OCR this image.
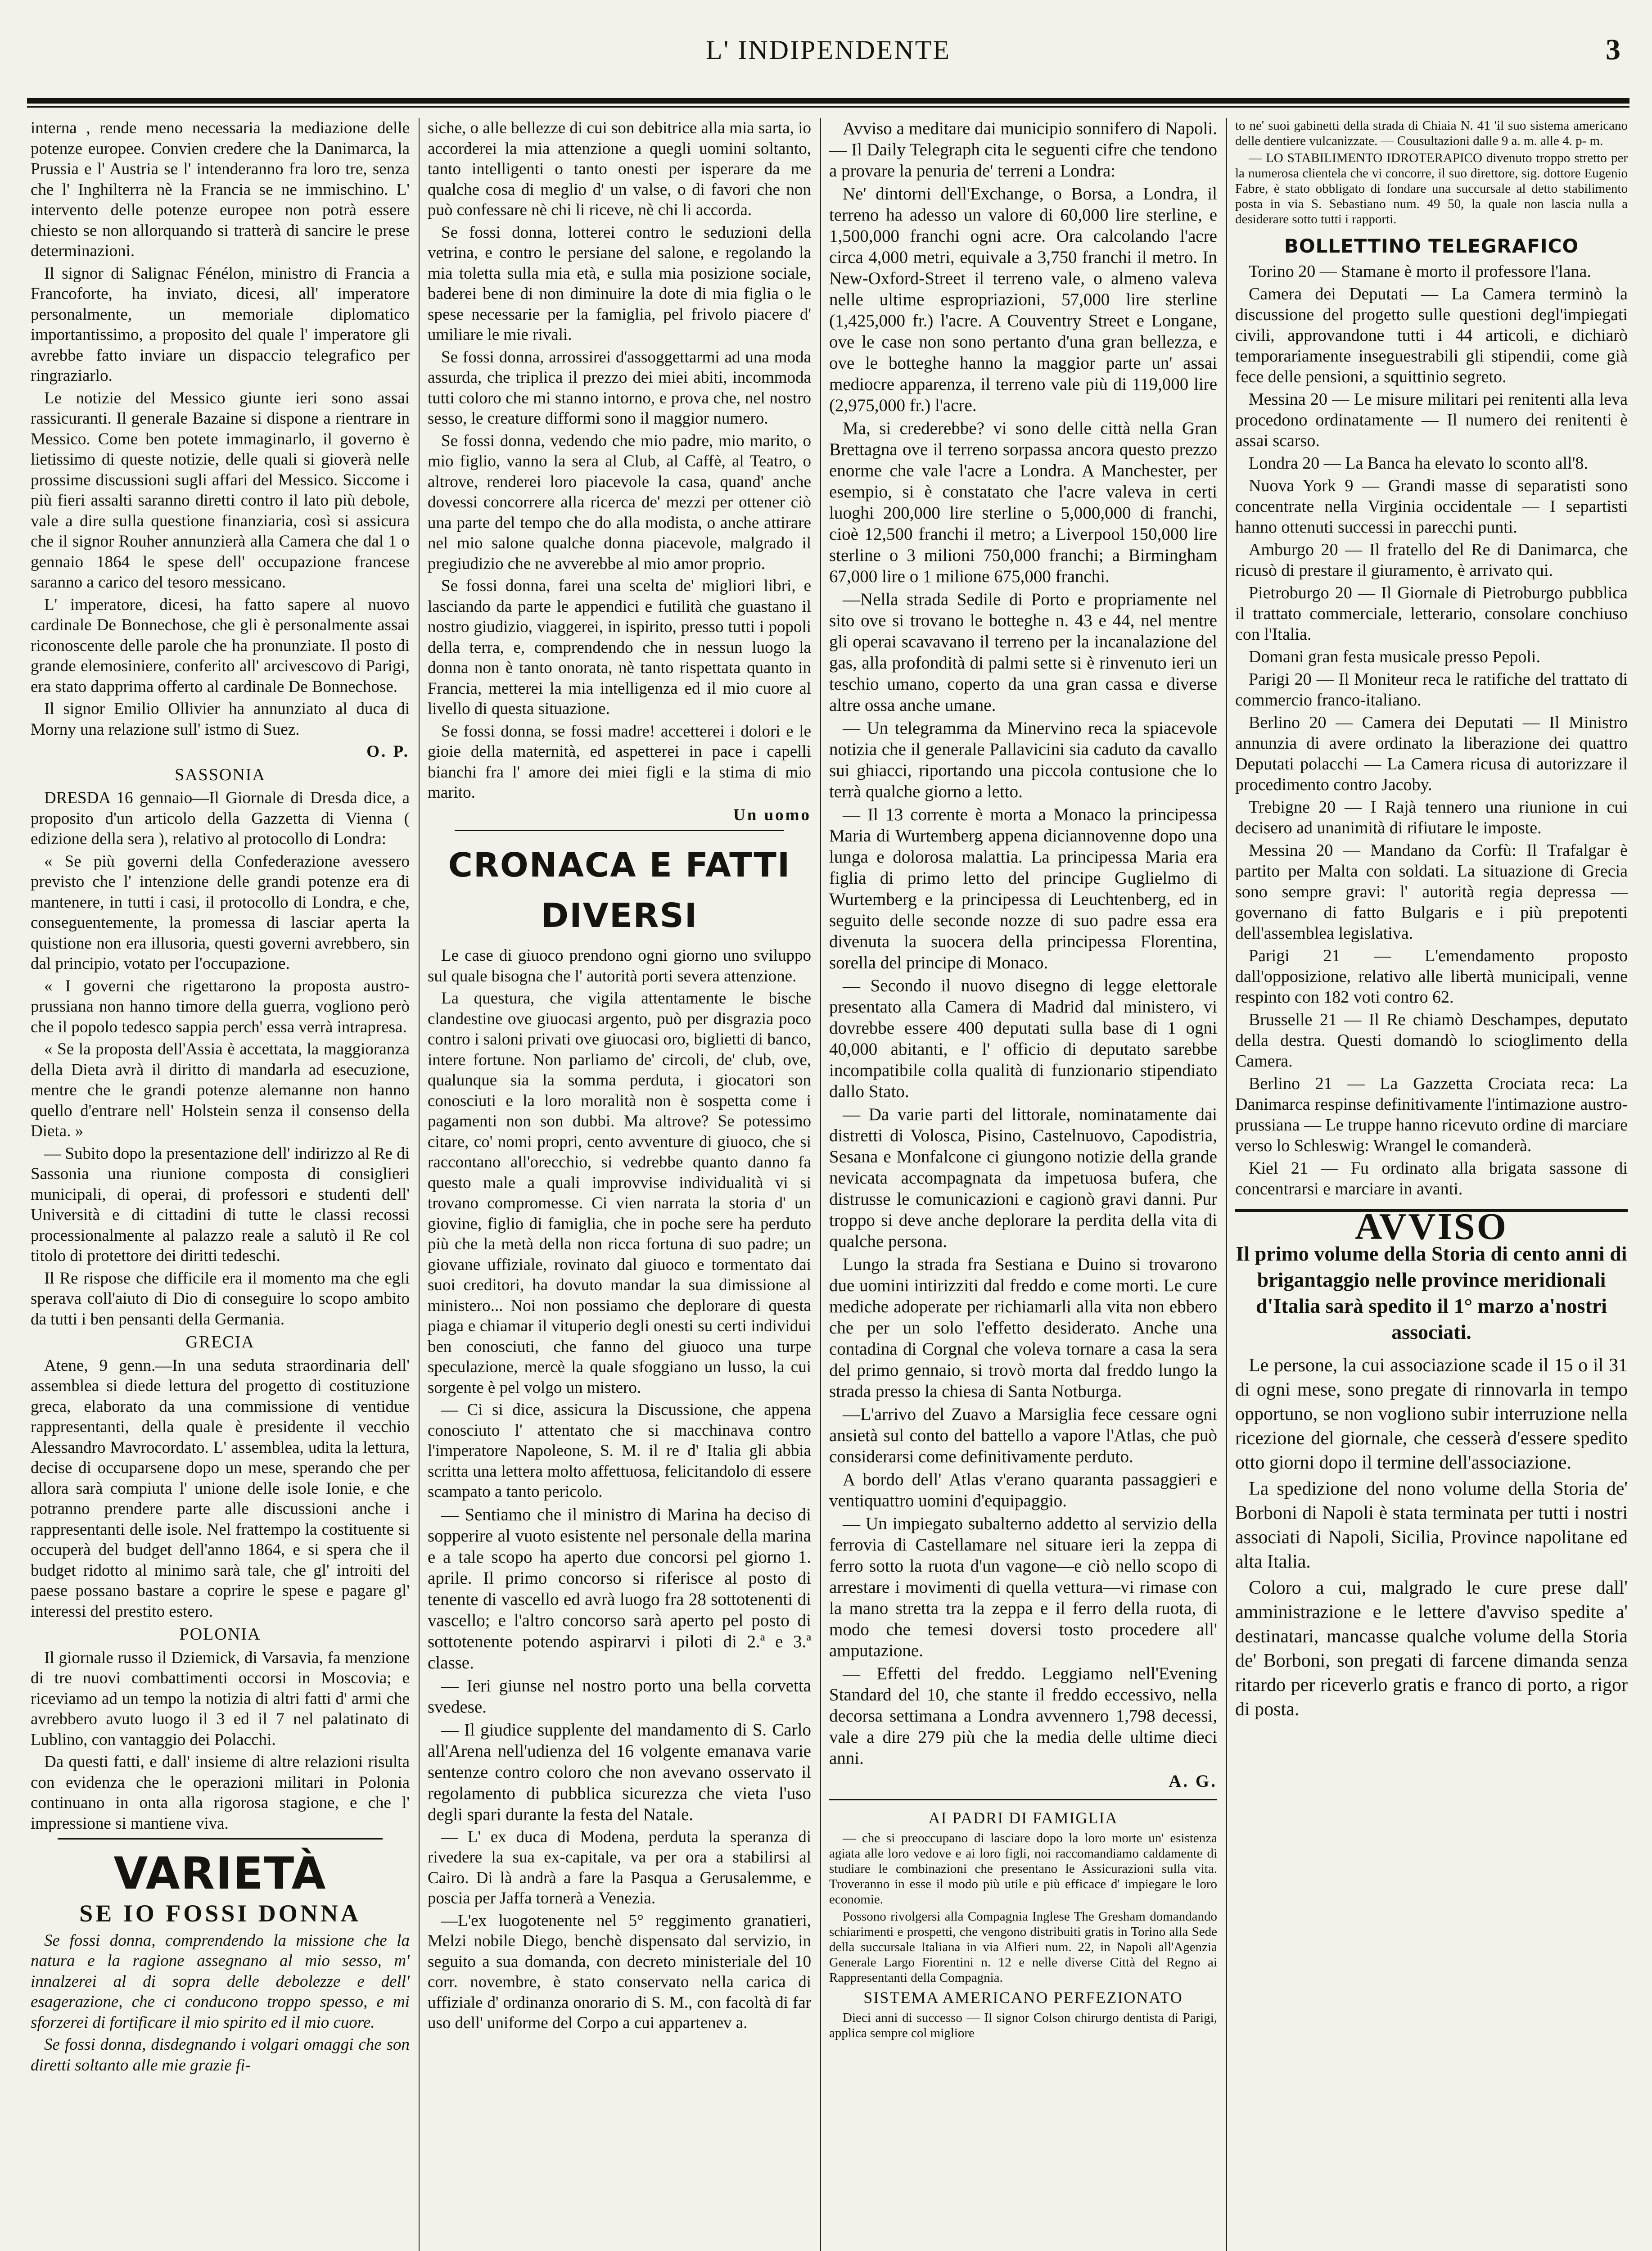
L' INDIPENDENTE	3

interna , rende meno necessaria la mediazione delle potenze europee. Convien credere che la Danimarca, la Prussia e l' Austria se l' intenderanno fra loro tre, senza che l' Inghilterra nè la Francia se ne immischino. L' intervento delle potenze europee non potrà essere chiesto se non allorquando si tratterà di sancire le prese determinazioni.

Il signor di Salignac Fénélon, ministro di Francia a Francoforte, ha inviato, dicesi, all' imperatore personalmente, un memoriale diplomatico importantissimo, a proposito del quale l' imperatore gli avrebbe fatto inviare un dispaccio telegrafico per ringraziarlo.

Le notizie del Messico giunte ieri sono assai rassicuranti. Il generale Bazaine si dispone a rientrare in Messico. Come ben potete immaginarlo, il governo è lietissimo di queste notizie, delle quali si gioverà nelle prossime discussioni sugli affari del Messico. Siccome i più fieri assalti saranno diretti contro il lato più debole, vale a dire sulla questione finanziaria, così si assicura che il signor Rouher annunzierà alla Camera che dal 1 o gennaio 1864 le spese dell' occupazione francese saranno a carico del tesoro messicano.

L' imperatore, dicesi, ha fatto sapere al nuovo cardinale De Bonnechose, che gli è personalmente assai riconoscente delle parole che ha pronunziate. Il posto di grande elemosiniere, conferito all' arcivescovo di Parigi, era stato dapprima offerto al cardinale De Bonnechose.

Il signor Emilio Ollivier ha annunziato al duca di Morny una relazione sull' istmo di Suez.

O. P.
SASSONIA

DRESDA 16 gennaio—Il Giornale di Dresda dice, a proposito d'un articolo della Gazzetta di Vienna ( edizione della sera ), relativo al protocollo di Londra:

« Se più governi della Confederazione avessero previsto che l' intenzione delle grandi potenze era di mantenere, in tutti i casi, il protocollo di Londra, e che, conseguentemente, la promessa di lasciar aperta la quistione non era illusoria, questi governi avrebbero, sin dal principio, votato per l'occupazione.

« I governi che rigettarono la proposta austro-prussiana non hanno timore della guerra, vogliono però che il popolo tedesco sappia perch' essa verrà intrapresa.

« Se la proposta dell'Assia è accettata, la maggioranza della Dieta avrà il diritto di mandarla ad esecuzione, mentre che le grandi potenze alemanne non hanno quello d'entrare nell' Holstein senza il consenso della Dieta. »

— Subito dopo la presentazione dell' indirizzo al Re di Sassonia una riunione composta di consiglieri municipali, di operai, di professori e studenti dell' Università e di cittadini di tutte le classi recossi processionalmente al palazzo reale a salutò il Re col titolo di protettore dei diritti tedeschi.

Il Re rispose che difficile era il momento ma che egli sperava coll'aiuto di Dio di conseguire lo scopo ambito da tutti i ben pensanti della Germania.

GRECIA

Atene, 9 genn.—In una seduta straordinaria dell' assemblea si diede lettura del progetto di costituzione greca, elaborato da una commissione di ventidue rappresentanti, della quale è presidente il vecchio Alessandro Mavrocordato. L' assemblea, udita la lettura, decise di occuparsene dopo un mese, sperando che per allora sarà compiuta l' unione delle isole Ionie, e che potranno prendere parte alle discussioni anche i rappresentanti delle isole. Nel frattempo la costituente si occuperà del budget dell'anno 1864, e si spera che il budget ridotto al minimo sarà tale, che gl' introiti del paese possano bastare a coprire le spese e pagare gl' interessi del prestito estero.

POLONIA

Il giornale russo il Dziemick, di Varsavia, fa menzione di tre nuovi combattimenti occorsi in Moscovia; e riceviamo ad un tempo la notizia di altri fatti d' armi che avrebbero avuto luogo il 3 ed il 7 nel palatinato di Lublino, con vantaggio dei Polacchi.

Da questi fatti, e dall' insieme di altre relazioni risulta con evidenza che le operazioni militari in Polonia continuano in onta alla rigorosa stagione, e che l' impressione si mantiene viva.

VARIETÀ
SE IO FOSSI DONNA

Se fossi donna, comprendendo la missione che la natura e la ragione assegnano al mio sesso, m' innalzerei al di sopra delle debolezze e dell' esagerazione, che ci conducono troppo spesso, e mi sforzerei di fortificare il mio spirito ed il mio cuore.

Se fossi donna, disdegnando i volgari omaggi che son diretti soltanto alle mie grazie fi-

siche, o alle bellezze di cui son debitrice alla mia sarta, io accorderei la mia attenzione a quegli uomini soltanto, tanto intelligenti o tanto onesti per isperare da me qualche cosa di meglio d' un valse, o di favori che non può confessare nè chi li riceve, nè chi li accorda.

Se fossi donna, lotterei contro le seduzioni della vetrina, e contro le persiane del salone, e regolando la mia toletta sulla mia età, e sulla mia posizione sociale, baderei bene di non diminuire la dote di mia figlia o le spese necessarie per la famiglia, pel frivolo piacere d' umiliare le mie rivali.

Se fossi donna, arrossirei d'assoggettarmi ad una moda assurda, che triplica il prezzo dei miei abiti, incommoda tutti coloro che mi stanno intorno, e prova che, nel nostro sesso, le creature difformi sono il maggior numero.

Se fossi donna, vedendo che mio padre, mio marito, o mio figlio, vanno la sera al Club, al Caffè, al Teatro, o altrove, renderei loro piacevole la casa, quand' anche dovessi concorrere alla ricerca de' mezzi per ottener ciò una parte del tempo che do alla modista, o anche attirare nel mio salone qualche donna piacevole, malgrado il pregiudizio che ne avverebbe al mio amor proprio.

Se fossi donna, farei una scelta de' migliori libri, e lasciando da parte le appendici e futilità che guastano il nostro giudizio, viaggerei, in ispirito, presso tutti i popoli della terra, e, comprendendo che in nessun luogo la donna non è tanto onorata, nè tanto rispettata quanto in Francia, metterei la mia intelligenza ed il mio cuore al livello di questa situazione.

Se fossi donna, se fossi madre! accetterei i dolori e le gioie della maternità, ed aspetterei in pace i capelli bianchi fra l' amore dei miei figli e la stima di mio marito.

Un uomo
CRONACA E FATTI DIVERSI

Le case di giuoco prendono ogni giorno uno sviluppo sul quale bisogna che l' autorità porti severa attenzione.

La questura, che vigila attentamente le bische clandestine ove giuocasi argento, può per disgrazia poco contro i saloni privati ove giuocasi oro, biglietti di banco, intere fortune. Non parliamo de' circoli, de' club, ove, qualunque sia la somma perduta, i giocatori son conosciuti e la loro moralità non è sospetta come i pagamenti non son dubbi. Ma altrove? Se potessimo citare, co' nomi propri, cento avventure di giuoco, che si raccontano all'orecchio, si vedrebbe quanto danno fa questo male a quali improvvise individualità vi si trovano compromesse. Ci vien narrata la storia d' un giovine, figlio di famiglia, che in poche sere ha perduto più che la metà della non ricca fortuna di suo padre; un giovane uffiziale, rovinato dal giuoco e tormentato dai suoi creditori, ha dovuto mandar la sua dimissione al ministero... Noi non possiamo che deplorare di questa piaga e chiamar il vituperio degli onesti su certi individui ben conosciuti, che fanno del giuoco una turpe speculazione, mercè la quale sfoggiano un lusso, la cui sorgente è pel volgo un mistero.

— Ci si dice, assicura la Discussione, che appena conosciuto l' attentato che si macchinava contro l'imperatore Napoleone, S. M. il re d' Italia gli abbia scritta una lettera molto affettuosa, felicitandolo di essere scampato a tanto pericolo.

— Sentiamo che il ministro di Marina ha deciso di sopperire al vuoto esistente nel personale della marina e a tale scopo ha aperto due concorsi pel giorno 1. aprile. Il primo concorso si riferisce al posto di tenente di vascello ed avrà luogo fra 28 sottotenenti di vascello; e l'altro concorso sarà aperto pel posto di sottotenente potendo aspirarvi i piloti di 2.ª e 3.ª classe.

— Ieri giunse nel nostro porto una bella corvetta svedese.

— Il giudice supplente del mandamento di S. Carlo all'Arena nell'udienza del 16 volgente emanava varie sentenze contro coloro che non avevano osservato il regolamento di pubblica sicurezza che vieta l'uso degli spari durante la festa del Natale.

— L' ex duca di Modena, perduta la speranza di rivedere la sua ex-capitale, va per ora a stabilirsi al Cairo. Di là andrà a fare la Pasqua a Gerusalemme, e poscia per Jaffa tornerà a Venezia.

—L'ex luogotenente nel 5° reggimento granatieri, Melzi nobile Diego, benchè dispensato dal servizio, in seguito a sua domanda, con decreto ministeriale del 10 corr. novembre, è stato conservato nella carica di uffiziale d' ordinanza onorario di S. M., con facoltà di far uso dell' uniforme del Corpo a cui appartenev a.

Avviso a meditare dai municipio sonnifero di Napoli. — Il Daily Telegraph cita le seguenti cifre che tendono a provare la penuria de' terreni a Londra:

Ne' dintorni dell'Exchange, o Borsa, a Londra, il terreno ha adesso un valore di 60,000 lire sterline, e 1,500,000 franchi ogni acre. Ora calcolando l'acre circa 4,000 metri, equivale a 3,750 franchi il metro. In New-Oxford-Street il terreno vale, o almeno valeva nelle ultime espropriazioni, 57,000 lire sterline (1,425,000 fr.) l'acre. A Couventry Street e Longane, ove le case non sono pertanto d'una gran bellezza, e ove le botteghe hanno la maggior parte un' assai mediocre apparenza, il terreno vale più di 119,000 lire (2,975,000 fr.) l'acre.

Ma, si crederebbe? vi sono delle città nella Gran Brettagna ove il terreno sorpassa ancora questo prezzo enorme che vale l'acre a Londra. A Manchester, per esempio, si è constatato che l'acre valeva in certi luoghi 200,000 lire sterline o 5,000,000 di franchi, cioè 12,500 franchi il metro; a Liverpool 150,000 lire sterline o 3 milioni 750,000 franchi; a Birmingham 67,000 lire o 1 milione 675,000 franchi.

—Nella strada Sedile di Porto e propriamente nel sito ove si trovano le botteghe n. 43 e 44, nel mentre gli operai scavavano il terreno per la incanalazione del gas, alla profondità di palmi sette si è rinvenuto ieri un teschio umano, coperto da una gran cassa e diverse altre ossa anche umane.

— Un telegramma da Minervino reca la spiacevole notizia che il generale Pallavicini sia caduto da cavallo sui ghiacci, riportando una piccola contusione che lo terrà qualche giorno a letto.

— Il 13 corrente è morta a Monaco la principessa Maria di Wurtemberg appena diciannovenne dopo una lunga e dolorosa malattia. La principessa Maria era figlia di primo letto del principe Guglielmo di Wurtemberg e la principessa di Leuchtenberg, ed in seguito delle seconde nozze di suo padre essa era divenuta la suocera della principessa Florentina, sorella del principe di Monaco.

— Secondo il nuovo disegno di legge elettorale presentato alla Camera di Madrid dal ministero, vi dovrebbe essere 400 deputati sulla base di 1 ogni 40,000 abitanti, e l' officio di deputato sarebbe incompatibile colla qualità di funzionario stipendiato dallo Stato.

— Da varie parti del littorale, nominatamente dai distretti di Volosca, Pisino, Castelnuovo, Capodistria, Sesana e Monfalcone ci giungono notizie della grande nevicata accompagnata da impetuosa bufera, che distrusse le comunicazioni e cagionò gravi danni. Pur troppo si deve anche deplorare la perdita della vita di qualche persona.

Lungo la strada fra Sestiana e Duino si trovarono due uomini intirizziti dal freddo e come morti. Le cure mediche adoperate per richiamarli alla vita non ebbero che per un solo l'effetto desiderato. Anche una contadina di Corgnal che voleva tornare a casa la sera del primo gennaio, si trovò morta dal freddo lungo la strada presso la chiesa di Santa Notburga.

—L'arrivo del Zuavo a Marsiglia fece cessare ogni ansietà sul conto del battello a vapore l'Atlas, che può considerarsi come definitivamente perduto.

A bordo dell' Atlas v'erano quaranta passaggieri e ventiquattro uomini d'equipaggio.

— Un impiegato subalterno addetto al servizio della ferrovia di Castellamare nel situare ieri la zeppa di ferro sotto la ruota d'un vagone—e ciò nello scopo di arrestare i movimenti di quella vettura—vi rimase con la mano stretta tra la zeppa e il ferro della ruota, di modo che temesi doversi tosto procedere all' amputazione.

— Effetti del freddo. Leggiamo nell'Evening Standard del 10, che stante il freddo eccessivo, nella decorsa settimana a Londra avvennero 1,798 decessi, vale a dire 279 più che la media delle ultime dieci anni.

A. G.
AI PADRI DI FAMIGLIA

— che si preoccupano di lasciare dopo la loro morte un' esistenza agiata alle loro vedove e ai loro figli, noi raccomandiamo caldamente di studiare le combinazioni che presentano le Assicurazioni sulla vita. Troveranno in esse il modo più utile e più efficace d' impiegare le loro economie.

Possono rivolgersi alla Compagnia Inglese The Gresham domandando schiarimenti e prospetti, che vengono distribuiti gratis in Torino alla Sede della succursale Italiana in via Alfieri num. 22, in Napoli all'Agenzia Generale Largo Fiorentini n. 12 e nelle diverse Città del Regno ai Rappresentanti della Compagnia.

SISTEMA AMERICANO PERFEZIONATO

Dieci anni di successo — Il signor Colson chirurgo dentista di Parigi, applica sempre col migliore

to ne' suoi gabinetti della strada di Chiaia N. 41 'il suo sistema americano delle dentiere vulcanizzate. — Cousultazioni dalle 9 a. m. alle 4. p- m.

— LO STABILIMENTO IDROTERAPICO divenuto troppo stretto per la numerosa clientela che vi concorre, il suo direttore, sig. dottore Eugenio Fabre, è stato obbligato di fondare una succursale al detto stabilimento posta in via S. Sebastiano num. 49 50, la quale non lascia nulla a desiderare sotto tutti i rapporti.

BOLLETTINO TELEGRAFICO

Torino 20 — Stamane è morto il professore l'lana.

Camera dei Deputati — La Camera terminò la discussione del progetto sulle questioni degl'impiegati civili, approvandone tutti i 44 articoli, e dichiarò temporariamente inseguestrabili gli stipendii, come già fece delle pensioni, a squittinio segreto.

Messina 20 — Le misure militari pei renitenti alla leva procedono ordinatamente — Il numero dei renitenti è assai scarso.

Londra 20 — La Banca ha elevato lo sconto all'8.

Nuova York 9 — Grandi masse di separatisti sono concentrate nella Virginia occidentale — I separtisti hanno ottenuti successi in parecchi punti.

Amburgo 20 — Il fratello del Re di Danimarca, che ricusò di prestare il giuramento, è arrivato qui.

Pietroburgo 20 — Il Giornale di Pietroburgo pubblica il trattato commerciale, letterario, consolare conchiuso con l'Italia.

Domani gran festa musicale presso Pepoli.

Parigi 20 — Il Moniteur reca le ratifiche del trattato di commercio franco-italiano.

Berlino 20 — Camera dei Deputati — Il Ministro annunzia di avere ordinato la liberazione dei quattro Deputati polacchi — La Camera ricusa di autorizzare il procedimento contro Jacoby.

Trebigne 20 — I Rajà tennero una riunione in cui decisero ad unanimità di rifiutare le imposte.

Messina 20 — Mandano da Corfù: Il Trafalgar è partito per Malta con soldati. La situazione di Grecia sono sempre gravi: l' autorità regia depressa — governano di fatto Bulgaris e i più prepotenti dell'assemblea legislativa.

Parigi 21 — L'emendamento proposto dall'opposizione, relativo alle libertà municipali, venne respinto con 182 voti contro 62.

Brusselle 21 — Il Re chiamò Deschampes, deputato della destra. Questi domandò lo scioglimento della Camera.

Berlino 21 — La Gazzetta Crociata reca: La Danimarca respinse definitivamente l'intimazione austro-prussiana — Le truppe hanno ricevuto ordine di marciare verso lo Schleswig: Wrangel le comanderà.

Kiel 21 — Fu ordinato alla brigata sassone di concentrarsi e marciare in avanti.

AVVISO
Il primo volume della Storia di cento anni di brigantaggio nelle province meridionali d'Italia sarà spedito il 1° marzo a'nostri associati.

Le persone, la cui associazione scade il 15 o il 31 di ogni mese, sono pregate di rinnovarla in tempo opportuno, se non vogliono subir interruzione nella ricezione del giornale, che cesserà d'essere spedito otto giorni dopo il termine dell'associazione.

La spedizione del nono volume della Storia de' Borboni di Napoli è stata terminata per tutti i nostri associati di Napoli, Sicilia, Province napolitane ed alta Italia.

Coloro a cui, malgrado le cure prese dall' amministrazione e le lettere d'avviso spedite a' destinatari, mancasse qualche volume della Storia de' Borboni, son pregati di farcene dimanda senza ritardo per riceverlo gratis e franco di porto, a rigor di posta.
